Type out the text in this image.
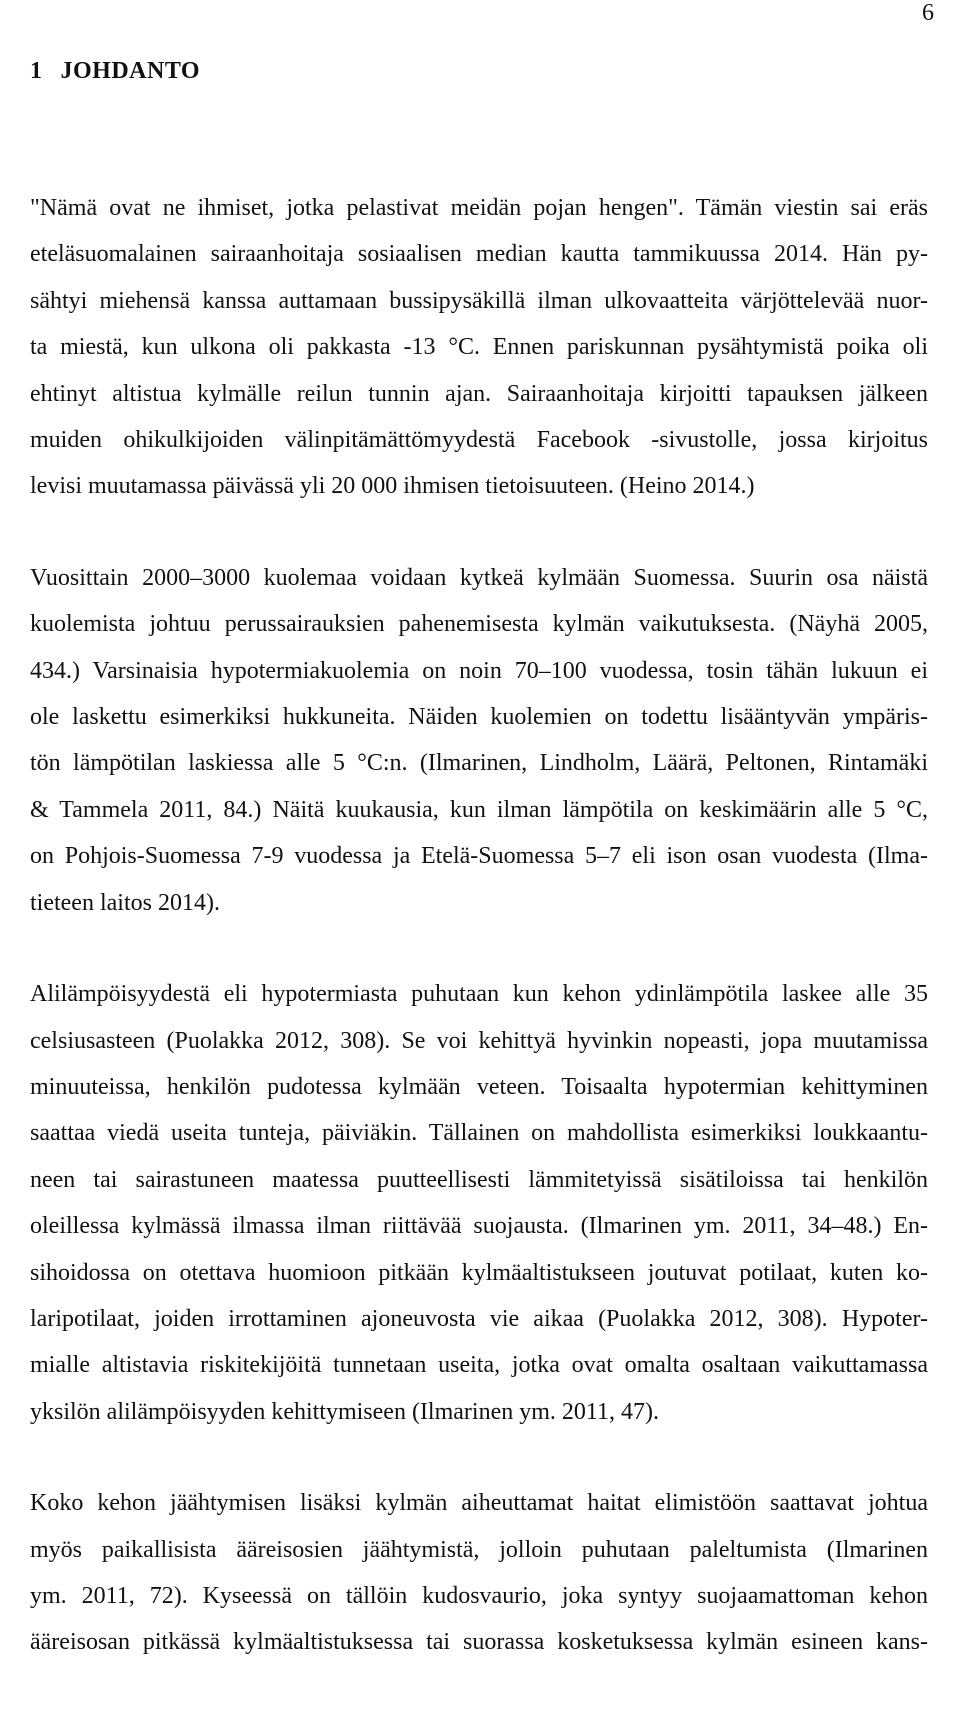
6
1 JOHDANTO

"Nämä ovat ne ihmiset, jotka pelastivat meidän pojan hengen". Tämän viestin sai eräs
eteläsuomalainen sairaanhoitaja sosiaalisen median kautta tammikuussa 2014. Hän py-
sähtyi miehensä kanssa auttamaan bussipysäkillä ilman ulkovaatteita värjöttelevää nuor-
ta miestä, kun ulkona oli pakkasta -13 °C. Ennen pariskunnan pysähtymistä poika oli
ehtinyt altistua kylmälle reilun tunnin ajan. Sairaanhoitaja kirjoitti tapauksen jälkeen
muiden ohikulkijoiden välinpitämättömyydestä Facebook -sivustolle, jossa kirjoitus
levisi muutamassa päivässä yli 20 000 ihmisen tietoisuuteen. (Heino 2014.)

Vuosittain 2000–3000 kuolemaa voidaan kytkeä kylmään Suomessa. Suurin osa näistä
kuolemista johtuu perussairauksien pahenemisesta kylmän vaikutuksesta. (Näyhä 2005,
434.) Varsinaisia hypotermiakuolemia on noin 70–100 vuodessa, tosin tähän lukuun ei
ole laskettu esimerkiksi hukkuneita. Näiden kuolemien on todettu lisääntyvän ympäris-
tön lämpötilan laskiessa alle 5 °C:n. (Ilmarinen, Lindholm, Läärä, Peltonen, Rintamäki
& Tammela 2011, 84.) Näitä kuukausia, kun ilman lämpötila on keskimäärin alle 5 °C,
on Pohjois-Suomessa 7-9 vuodessa ja Etelä-Suomessa 5–7 eli ison osan vuodesta (Ilma-
tieteen laitos 2014).

Alilämpöisyydestä eli hypotermiasta puhutaan kun kehon ydinlämpötila laskee alle 35
celsiusasteen (Puolakka 2012, 308). Se voi kehittyä hyvinkin nopeasti, jopa muutamissa
minuuteissa, henkilön pudotessa kylmään veteen. Toisaalta hypotermian kehittyminen
saattaa viedä useita tunteja, päiviäkin. Tällainen on mahdollista esimerkiksi loukkaantu-
neen tai sairastuneen maatessa puutteellisesti lämmitetyissä sisätiloissa tai henkilön
oleillessa kylmässä ilmassa ilman riittävää suojausta. (Ilmarinen ym. 2011, 34–48.) En-
sihoidossa on otettava huomioon pitkään kylmäaltistukseen joutuvat potilaat, kuten ko-
laripotilaat, joiden irrottaminen ajoneuvosta vie aikaa (Puolakka 2012, 308). Hypoter-
mialle altistavia riskitekijöitä tunnetaan useita, jotka ovat omalta osaltaan vaikuttamassa
yksilön alilämpöisyyden kehittymiseen (Ilmarinen ym. 2011, 47).

Koko kehon jäähtymisen lisäksi kylmän aiheuttamat haitat elimistöön saattavat johtua
myös paikallisista ääreisosien jäähtymistä, jolloin puhutaan paleltumista (Ilmarinen
ym. 2011, 72). Kyseessä on tällöin kudosvaurio, joka syntyy suojaamattoman kehon
ääreisosan pitkässä kylmäaltistuksessa tai suorassa kosketuksessa kylmän esineen kans-
